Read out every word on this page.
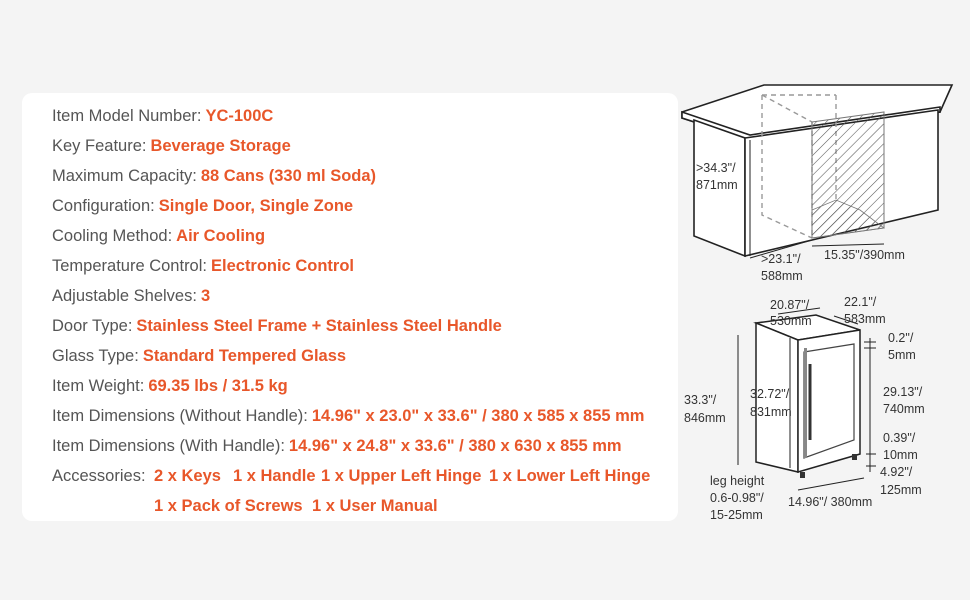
Item Model Number: YC-100C
Key Feature: Beverage Storage
Maximum Capacity: 88 Cans (330 ml Soda)
Configuration: Single Door, Single Zone
Cooling Method: Air Cooling
Temperature Control: Electronic Control
Adjustable Shelves: 3
Door Type: Stainless Steel Frame + Stainless Steel Handle
Glass Type: Standard Tempered Glass
Item Weight: 69.35 lbs / 31.5 kg
Item Dimensions (Without Handle): 14.96" x 23.0" x 33.6" / 380 x 585 x 855 mm
Item Dimensions (With Handle): 14.96" x 24.8" x 33.6" / 380 x 630 x 855 mm
Accessories: 2 x Keys 1 x Handle 1 x Upper Left Hinge 1 x Lower Left Hinge
1 x Pack of Screws 1 x User Manual
>34.3"/
871mm
>23.1"/
588mm
15.35"/390mm
20.87"/
530mm
22.1"/
583mm
0.2"/
5mm
33.3"/
846mm
32.72"/
831mm
29.13"/
740mm
0.39"/
10mm
4.92"/
125mm
leg height
0.6-0.98"/
15-25mm
14.96"/ 380mm
